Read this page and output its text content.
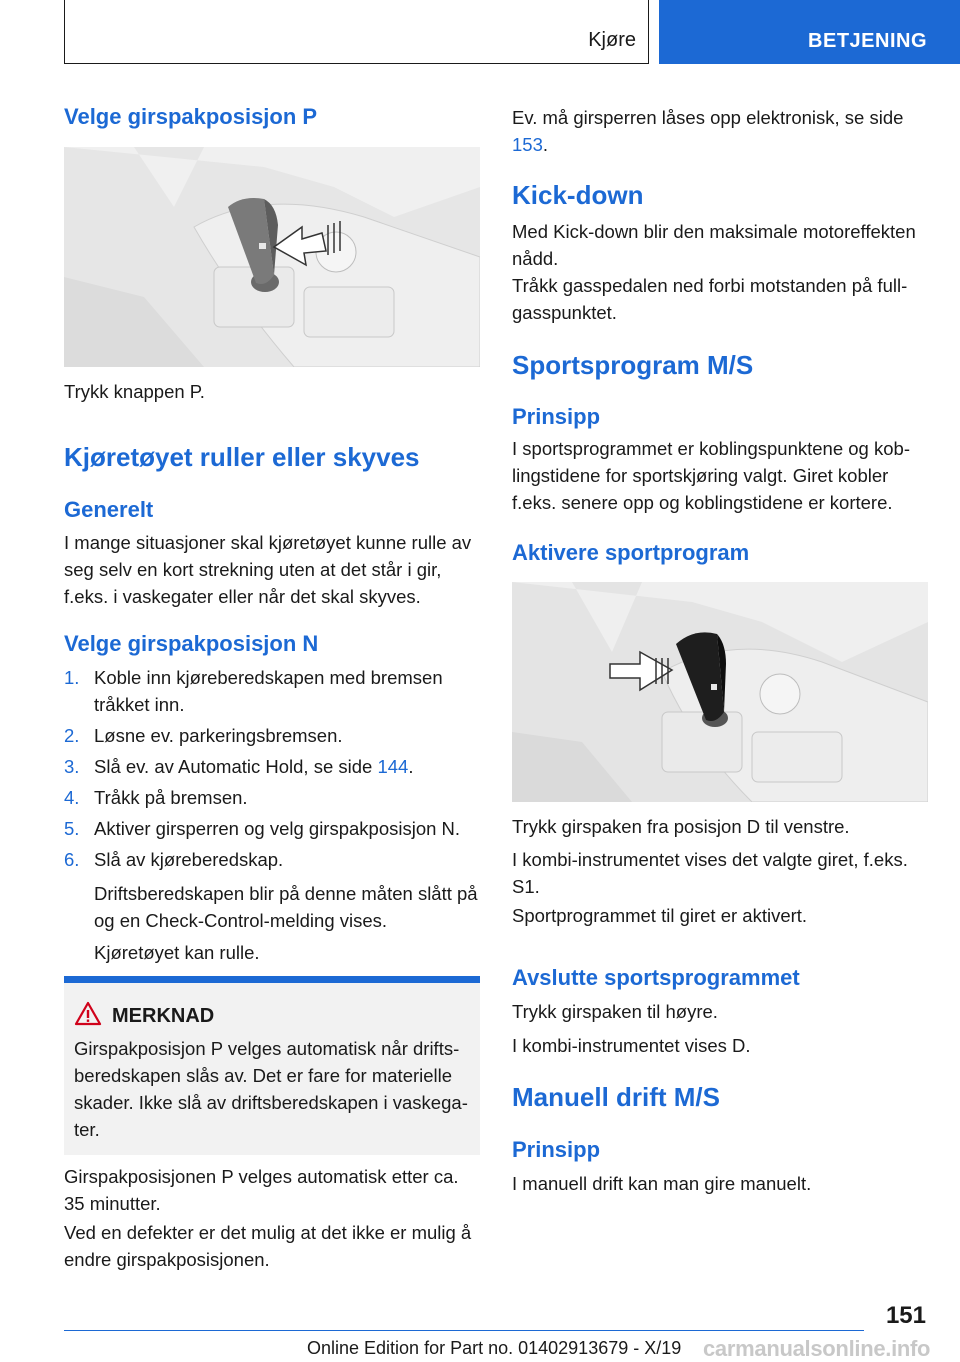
Kjøre	BETJENING
Velge girspakposisjon P

Trykk knappen P.

Kjøretøyet ruller eller skyves
Generelt

I mange situasjoner skal kjøretøyet kunne rulle av seg selv en kort strekning uten at det står i gir, f.eks. i vaskegater eller når det skal skyves.

Velge girspakposisjon N
1. Koble inn kjøreberedskapen med bremsen tråkket inn.
2. Løsne ev. parkeringsbremsen.
3. Slå ev. av Automatic Hold, se side 144.
4. Tråkk på bremsen.
5. Aktiver girsperren og velg girspakposisjon N.
6. Slå av kjøreberedskap.

Driftsberedskapen blir på denne måten slått på og en Check-Control-melding vises.

Kjøretøyet kan rulle.

MERKNAD

Girspakposisjon P velges automatisk når driftsberedskapen slås av. Det er fare for materielle skader. Ikke slå av driftsberedskapen i vaskegater.

Girspakposisjonen P velges automatisk etter ca. 35 minutter.

Ved en defekter er det mulig at det ikke er mulig å endre girspakposisjonen.

Ev. må girsperren låses opp elektronisk, se side 153.

Kick-down

Med Kick-down blir den maksimale motoreffekten nådd.

Tråkk gasspedalen ned forbi motstanden på fullgasspunktet.

Sportsprogram M/S
Prinsipp

I sportsprogrammet er koblingspunktene og koblingstidene for sportskjøring valgt. Giret kobler f.eks. senere opp og koblingstidene er kortere.

Aktivere sportprogram

Trykk girspaken fra posisjon D til venstre.

I kombi-instrumentet vises det valgte giret, f.eks. S1.

Sportprogrammet til giret er aktivert.

Avslutte sportsprogrammet

Trykk girspaken til høyre.

I kombi-instrumentet vises D.

Manuell drift M/S
Prinsipp

I manuell drift kan man gire manuelt.

151
Online Edition for Part no. 01402913679 - X/19 carmanualsonline.info
